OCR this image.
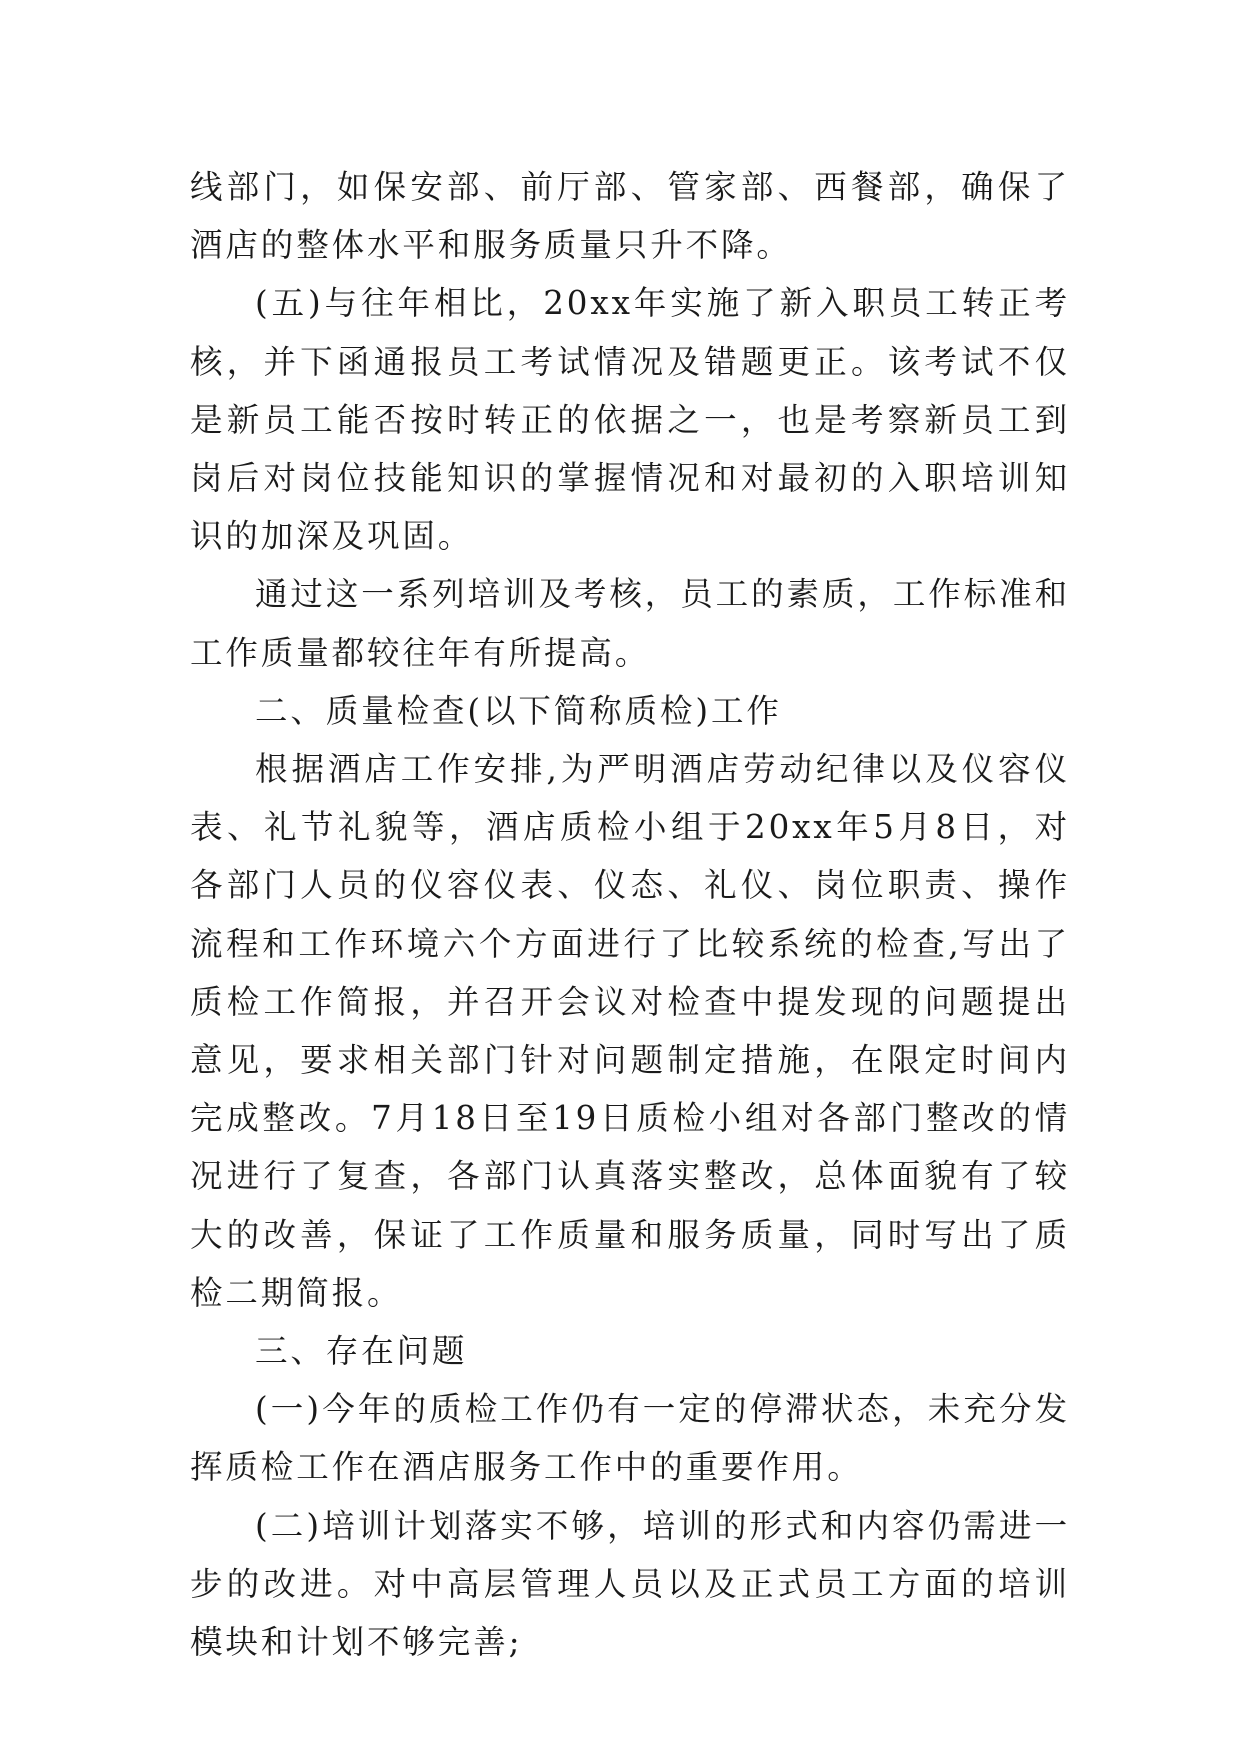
线部门，如保安部、前厅部、管家部、西餐部，确保了酒店的整体水平和服务质量只升不降。

(五)与往年相比，20xx年实施了新入职员工转正考核，并下函通报员工考试情况及错题更正。该考试不仅是新员工能否按时转正的依据之一，也是考察新员工到岗后对岗位技能知识的掌握情况和对最初的入职培训知识的加深及巩固。

通过这一系列培训及考核，员工的素质，工作标准和工作质量都较往年有所提高。

二、质量检查(以下简称质检)工作

根据酒店工作安排,为严明酒店劳动纪律以及仪容仪表、礼节礼貌等，酒店质检小组于20xx年5月8日，对各部门人员的仪容仪表、仪态、礼仪、岗位职责、操作流程和工作环境六个方面进行了比较系统的检查,写出了质检工作简报，并召开会议对检查中提发现的问题提出意见，要求相关部门针对问题制定措施，在限定时间内完成整改。7月18日至19日质检小组对各部门整改的情况进行了复查，各部门认真落实整改，总体面貌有了较大的改善，保证了工作质量和服务质量，同时写出了质检二期简报。

三、存在问题

(一)今年的质检工作仍有一定的停滞状态，未充分发挥质检工作在酒店服务工作中的重要作用。

(二)培训计划落实不够，培训的形式和内容仍需进一步的改进。对中高层管理人员以及正式员工方面的培训模块和计划不够完善;
